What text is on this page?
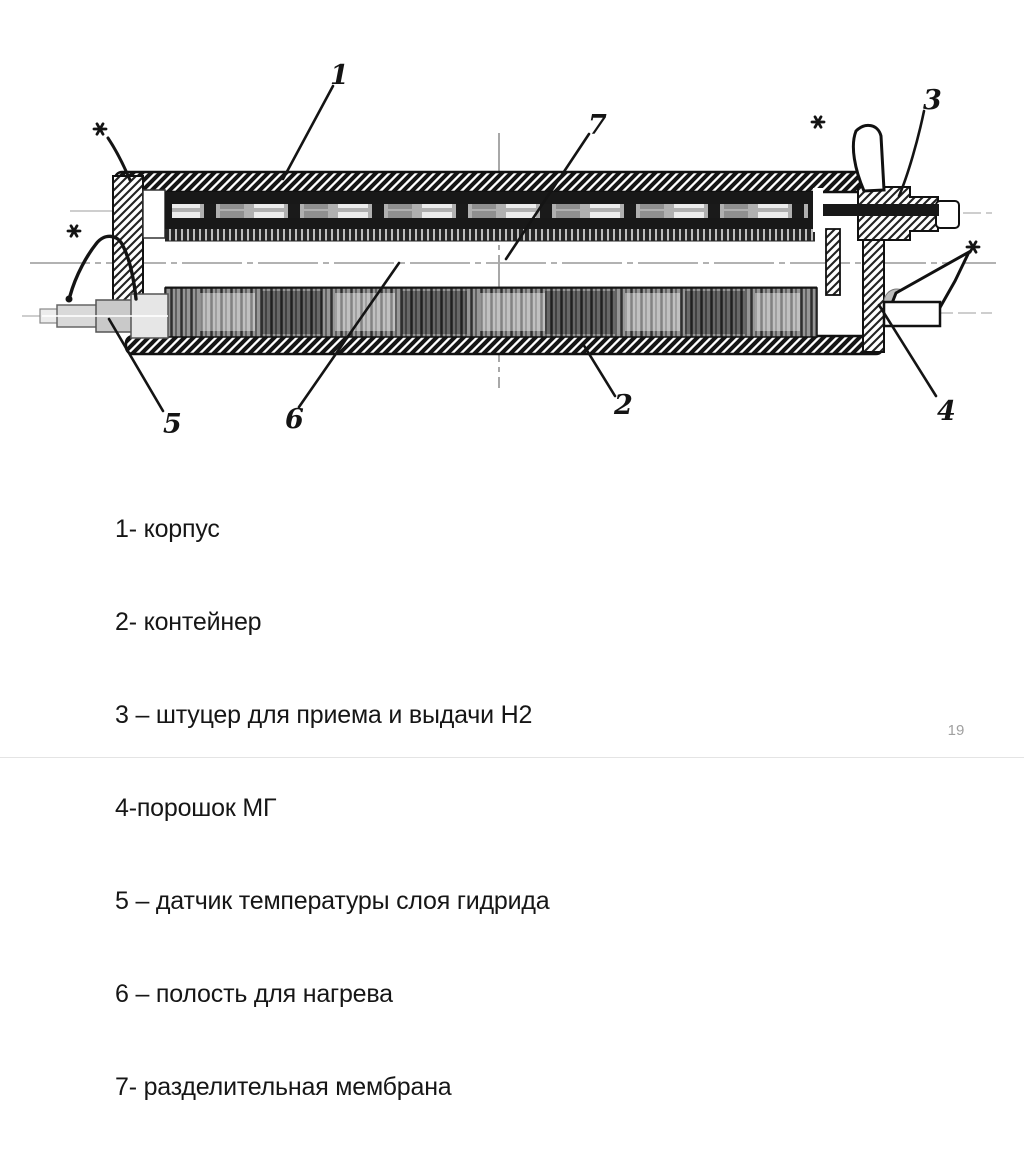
1
7
3
2
6
5	4

1- корпус

2- контейнер

3 – штуцер для приема и выдачи Н2

4-порошок МГ

5 – датчик температуры слоя гидрида

6 – полость для нагрева

7- разделительная мембрана

19
